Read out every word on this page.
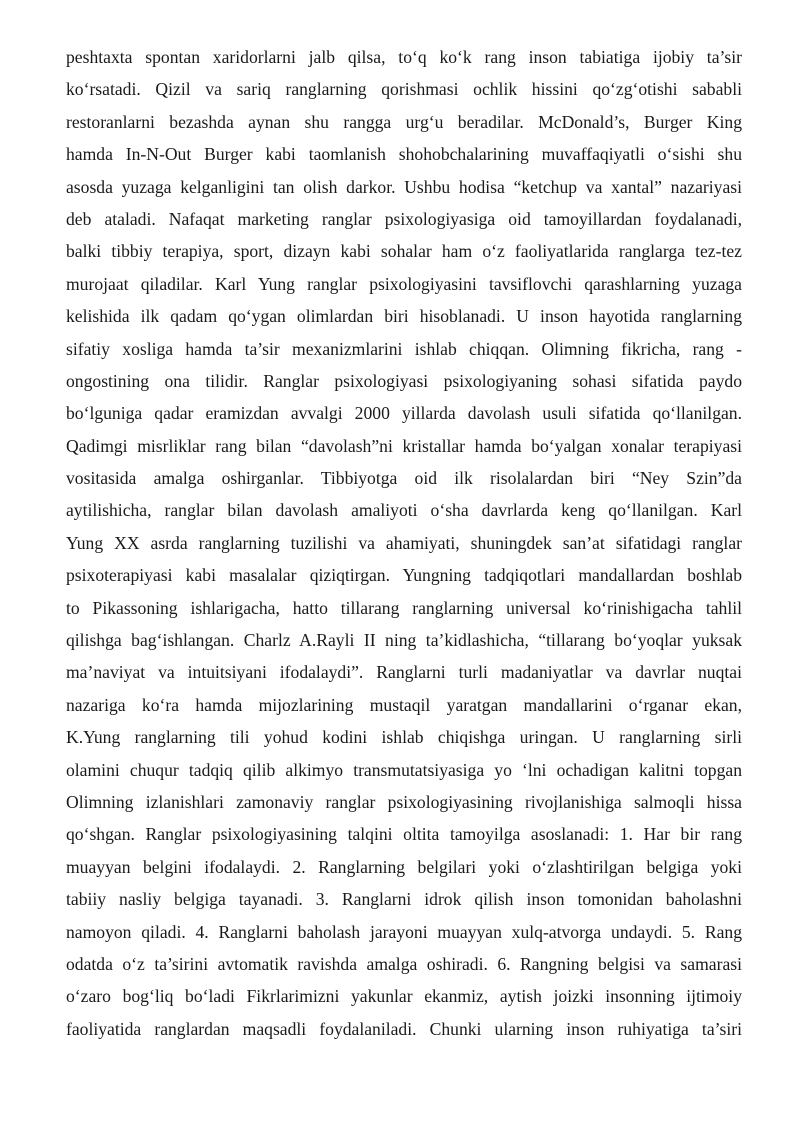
peshtaxta spontan xaridorlarni jalb qilsa, to‘q ko‘k rang inson tabiatiga ijobiy ta’sir
ko‘rsatadi. Qizil va sariq ranglarning qorishmasi ochlik hissini qo‘zg‘otishi sababli
restoranlarni bezashda aynan shu rangga urg‘u beradilar. McDonald’s, Burger King
hamda In-N-Out Burger kabi taomlanish shohobchalarining muvaffaqiyatli o‘sishi shu
asosda yuzaga kelganligini tan olish darkor. Ushbu hodisa “ketchup va xantal” nazariyasi
deb ataladi. Nafaqat marketing ranglar psixologiyasiga oid tamoyillardan foydalanadi,
balki tibbiy terapiya, sport, dizayn kabi sohalar ham o‘z faoliyatlarida ranglarga tez-tez
murojaat qiladilar. Karl Yung ranglar psixologiyasini tavsiflovchi qarashlarning yuzaga
kelishida ilk qadam qo‘ygan olimlardan biri hisoblanadi. U inson hayotida ranglarning
sifatiy xosliga hamda ta’sir mexanizmlarini ishlab chiqqan. Olimning fikricha, rang -
ongostining ona tilidir. Ranglar psixologiyasi psixologiyaning sohasi sifatida paydo
bo‘lguniga qadar eramizdan avvalgi 2000 yillarda davolash usuli sifatida qo‘llanilgan.
Qadimgi misrliklar rang bilan “davolash”ni kristallar hamda bo‘yalgan xonalar terapiyasi
vositasida amalga oshirganlar. Tibbiyotga oid ilk risolalardan biri “Ney Szin”da
aytilishicha, ranglar bilan davolash amaliyoti o‘sha davrlarda keng qo‘llanilgan. Karl
Yung XX asrda ranglarning tuzilishi va ahamiyati, shuningdek san’at sifatidagi ranglar
psixoterapiyasi kabi masalalar qiziqtirgan. Yungning tadqiqotlari mandallardan boshlab
to Pikassoning ishlarigacha, hatto tillarang ranglarning universal ko‘rinishigacha tahlil
qilishga bag‘ishlangan. Charlz A.Rayli II ning ta’kidlashicha, “tillarang bo‘yoqlar yuksak
ma’naviyat va intuitsiyani ifodalaydi”. Ranglarni turli madaniyatlar va davrlar nuqtai
nazariga ko‘ra hamda mijozlarining mustaqil yaratgan mandallarini o‘rganar ekan,
K.Yung ranglarning tili yohud kodini ishlab chiqishga uringan. U ranglarning sirli
olamini chuqur tadqiq qilib alkimyo transmutatsiyasiga yo ‘lni ochadigan kalitni topgan
Olimning izlanishlari zamonaviy ranglar psixologiyasining rivojlanishiga salmoqli hissa
qo‘shgan. Ranglar psixologiyasining talqini oltita tamoyilga asoslanadi: 1. Har bir rang
muayyan belgini ifodalaydi. 2. Ranglarning belgilari yoki o‘zlashtirilgan belgiga yoki
tabiiy nasliy belgiga tayanadi. 3. Ranglarni idrok qilish inson tomonidan baholashni
namoyon qiladi. 4. Ranglarni baholash jarayoni muayyan xulq-atvorga undaydi. 5. Rang
odatda o‘z ta’sirini avtomatik ravishda amalga oshiradi. 6. Rangning belgisi va samarasi
o‘zaro bog‘liq bo‘ladi Fikrlarimizni yakunlar ekanmiz, aytish joizki insonning ijtimoiy
faoliyatida ranglardan maqsadli foydalaniladi. Chunki ularning inson ruhiyatiga ta’siri
